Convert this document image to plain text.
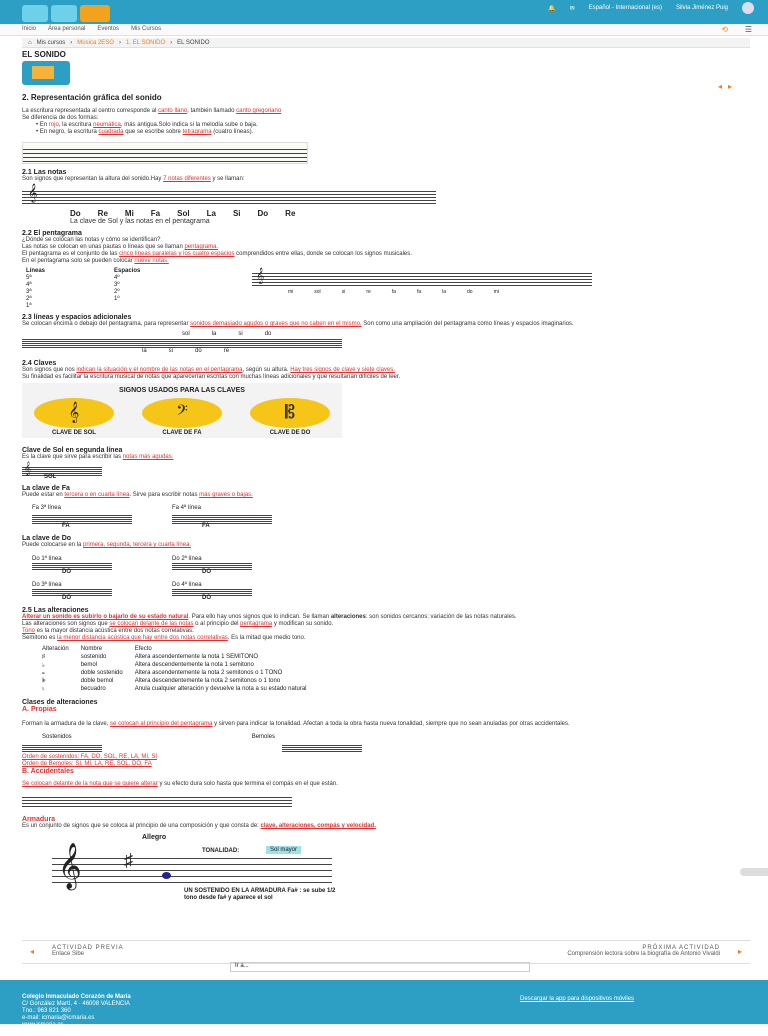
🔔 ✉ Español - Internacional (es) Silvia Jiménez Puig
Inicio Área personal Eventos Mis Cursos	⟲ ☰
⌂ Mis cursos › Música 2ESO › 1. EL SONIDO › EL SONIDO
EL SONIDO
◂▸
2. Representación gráfica del sonido
La escritura representada al centro corresponde al canto llano, también llamado canto gregoriano
Se diferencia de dos formas:
• En rojo, la escritura neumática, más antigua.Solo indica si la melodía sube o baja.
• En negro, la escritura cuadrada que se escribe sobre tetragrama (cuatro líneas).
2.1 Las notas
Son signos que representan la altura del sonido.Hay 7 notas diferentes y se llaman:
𝄞
Do Re Mi Fa Sol La Si Do Re
La clave de Sol y las notas en el pentagrama
2.2 El pentagrama
¿Dónde se colocan las notas y cómo se identifican?
Las notas se colocan en unas pautas o líneas que se llaman pentagrama.
El pentagrama es el conjunto de las cinco líneas paralelas y los cuatro espacios comprendidos entre ellas, donde se colocan los signos musicales.
En el pentagrama solo se pueden colocar nueve notas.
Líneas	Espacios
5ª	4º
4ª	3º
3ª	2º
2ª	1º
1ª	
𝄞
mi	sol	si	re	fa	fa	la	do	mi
2.3 líneas y espacios adicionales
Se colocan encima o debajo del pentagrama, para representar sonidos demasiado agudos o graves que no caben en el mismo. Son como una ampliación del pentagrama como líneas y espacios imaginarios.
sol	la	si	do
la	si	do	re
2.4 Claves
Son signos que nos indican la situación y el nombre de las notas en el pentagrama, según su altura. Hay tres signos de clave y siete claves.
Su finalidad es facilitar la escritura musical de notas que aparecerían escritas con muchas líneas adicionales y que resultarían difíciles de leer.
SIGNOS USADOS PARA LAS CLAVES
𝄞
CLAVE DE SOL
𝄢
CLAVE DE FA
𝄡
CLAVE DE DO
Clave de Sol en segunda línea
Es la clave que sirve para escribir las notas más agudas.
𝄞
SOL
La clave de Fa
Puede estar en tercera o en cuarta línea. Sirve para escribir notas más graves o bajas.
Fa 3ª línea
FA
Fa 4ª línea
FA
La clave de Do
Puede colocarse en la primera, segunda, tercera y cuarta línea.
Do 1ª línea
DO
Do 2ª línea
DO
Do 3ª línea
DO
Do 4ª línea
DO
2.5 Las alteraciones
Alterar un sonido es subirlo o bajarlo de su estado natural. Para ello hay unos signos que lo indican. Se llaman alteraciones: son sonidos cercanos: variación de las notas naturales.
Las alteraciones son signos que se colocan delante de las notas o al principio del pentagrama y modifican su sonido.
Tono es la mayor distancia acústica entre dos notas correlativas.
Semitono es la menor distancia acústica que hay entre dos notas correlativas. Es la mitad que medio tono.
Alteración	Nombre	Efecto
♯	sostenido	Altera ascendentemente la nota 1 SEMITONO
♭	bemol	Altera descendentemente la nota 1 semitono
𝄪	doble sostenido	Altera ascendentemente la nota 2 semitonos o 1 TONO
𝄫	doble bemol	Altera descendentemente la nota 2 semitonos o 1 tono
♮	becuadro	Anula cualquier alteración y devuelve la nota a su estado natural
Clases de alteraciones
A. Propias
Forman la armadura de la clave, se colocan al principio del pentagrama y sirven para indicar la tonalidad. Afectan a toda la obra hasta nueva tonalidad, siempre que no sean anuladas por otras accidentales.
Sostenidos	Bemoles
Orden de sostenidos: FA, DO, SOL, RE, LA, MI, SI
Orden de Bemoles: SI, MI, LA, RE, SOL, DO, FA
B. Accidentales
Se colocan delante de la nota que se quiere alterar y su efecto dura solo hasta que termina el compás en el que están.
Armadura
Es un conjunto de signos que se coloca al principio de una composición y que consta de: clave, alteraciones, compás y velocidad.
Allegro
TONALIDAD:	Sol mayor
𝄞 ♯
UN SOSTENIDO EN LA ARMADURA Fa# : se sube 1/2 tono desde fa# y aparece el sol
◂	ACTIVIDAD PREVIA
Enlace Sibe
PRÓXIMA ACTIVIDAD
Comprensión lectora sobre la biografía de Antonio Vivaldi ▸
Ir a...
Colegio Inmaculado Corazón de María
C/ González Martí, 4 · 46008 VALENCIA
Tno.: 963 821 360
e-mail: icmaria@icmaria.es
www.icmaria.es
@icmaria
Descargar la app para dispositivos móviles
